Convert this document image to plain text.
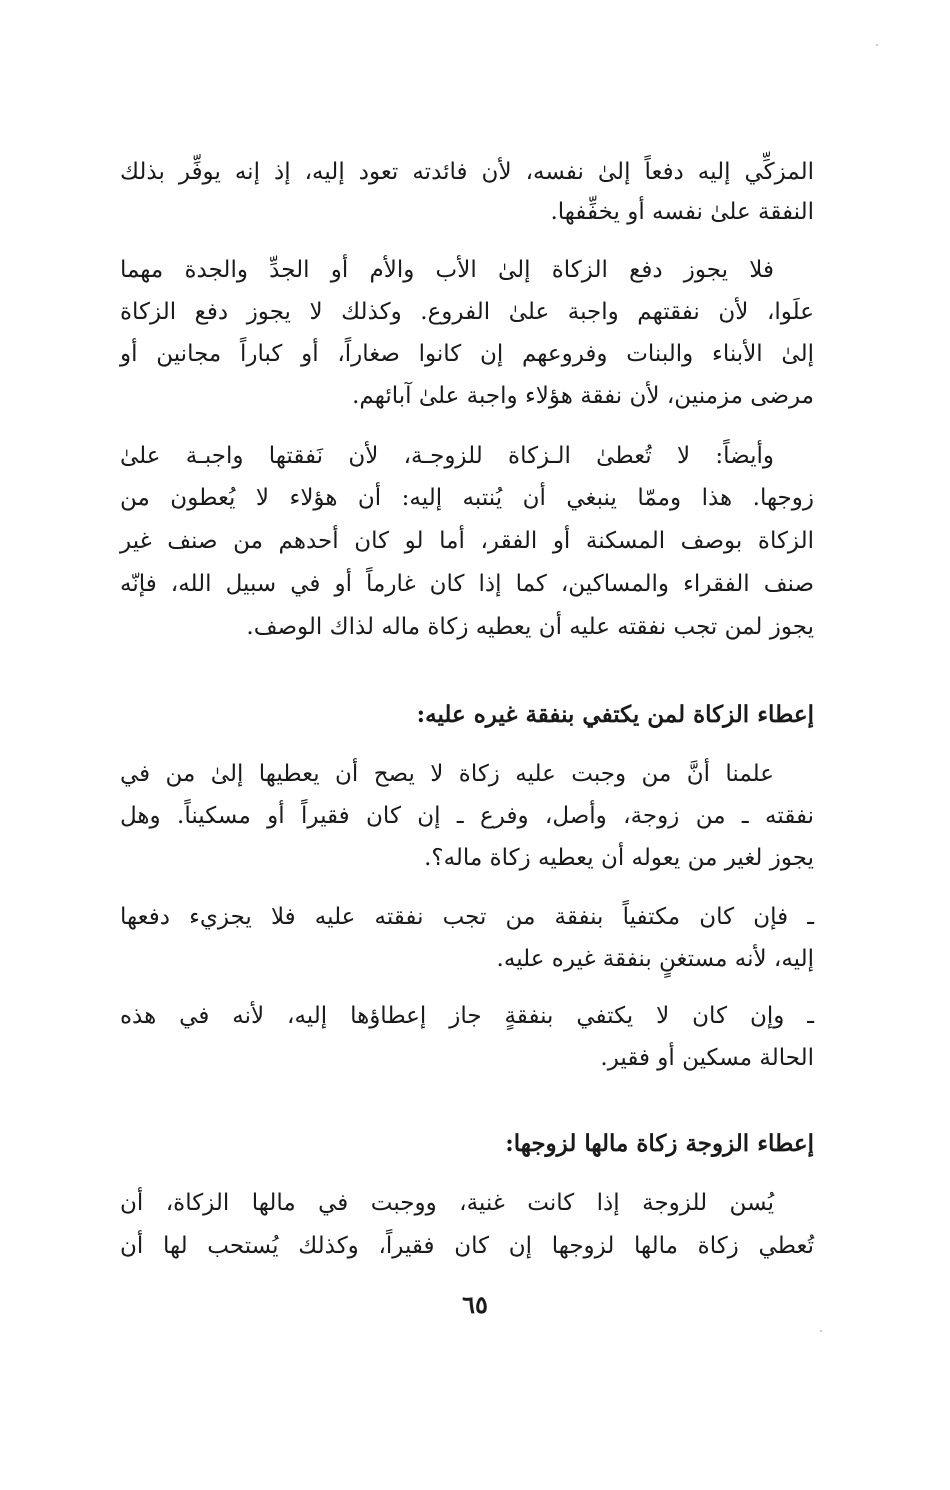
المزكِّي إليه دفعاً إلىٰ نفسه، لأن فائدته تعود إليه، إذ إنه يوفِّر بذلك
النفقة علىٰ نفسه أو يخفِّفها.
فلا يجوز دفع الزكاة إلىٰ الأب والأم أو الجدِّ والجدة مهما
علَوا، لأن نفقتهم واجبة علىٰ الفروع. وكذلك لا يجوز دفع الزكاة
إلىٰ الأبناء والبنات وفروعهم إن كانوا صغاراً، أو كباراً مجانين أو
مرضى مزمنين، لأن نفقة هؤلاء واجبة علىٰ آبائهم.
وأيضاً: لا تُعطىٰ الـزكاة للزوجـة، لأن نَفقتها واجبـة علىٰ
زوجها. هذا وممّا ينبغي أن يُنتبه إليه: أن هؤلاء لا يُعطون من
الزكاة بوصف المسكنة أو الفقر، أما لو كان أحدهم من صنف غير
صنف الفقراء والمساكين، كما إذا كان غارماً أو في سبيل الله، فإنّه
يجوز لمن تجب نفقته عليه أن يعطيه زكاة ماله لذاك الوصف.
إعطاء الزكاة لمن يكتفي بنفقة غيره عليه:
علمنا أنَّ من وجبت عليه زكاة لا يصح أن يعطيها إلىٰ من في
نفقته ـ من زوجة، وأصل، وفرع ـ إن كان فقيراً أو مسكيناً. وهل
يجوز لغير من يعوله أن يعطيه زكاة ماله؟.
ـ فإن كان مكتفياً بنفقة من تجب نفقته عليه فلا يجزيء دفعها
إليه، لأنه مستغنٍ بنفقة غيره عليه.
ـ وإن كان لا يكتفي بنفقةٍ جاز إعطاؤها إليه، لأنه في هذه
الحالة مسكين أو فقير.
إعطاء الزوجة زكاة مالها لزوجها:
يُسن للزوجة إذا كانت غنية، ووجبت في مالها الزكاة، أن
تُعطي زكاة مالها لزوجها إن كان فقيراً، وكذلك يُستحب لها أن
٦٥
